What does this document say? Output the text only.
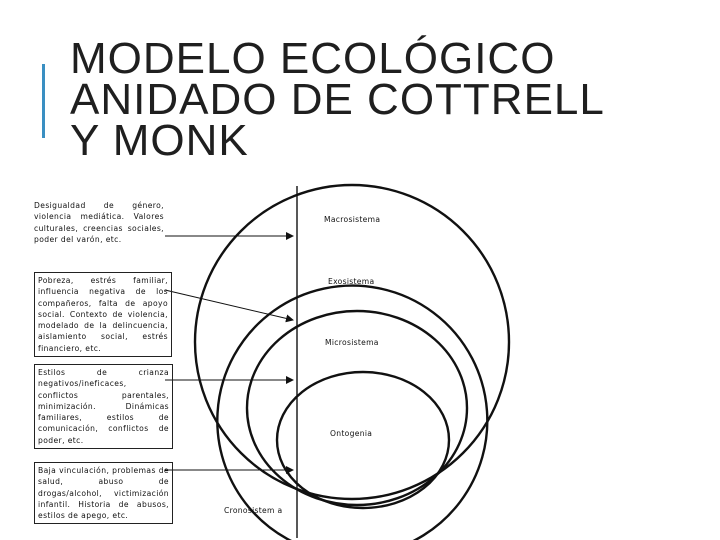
MODELO ECOLÓGICO
ANIDADO DE COTTRELL
Y MONK
Desigualdad de género, violencia mediática. Valores culturales, creencias sociales, poder del varón, etc.
Pobreza, estrés familiar, influencia negativa de los compañeros, falta de apoyo social. Contexto de violencia, modelado de la delincuencia, aislamiento social, estrés financiero, etc.
Estilos de crianza negativos/ineficaces, conflictos parentales, minimización. Dinámicas familiares, estilos de comunicación, conflictos de poder, etc.
Baja vinculación, problemas de salud, abuso de drogas/alcohol, victimización infantil. Historia de abusos, estilos de apego, etc.
Macrosistema
Exosistema
Microsistema
Ontogenia
Cronosistem a
